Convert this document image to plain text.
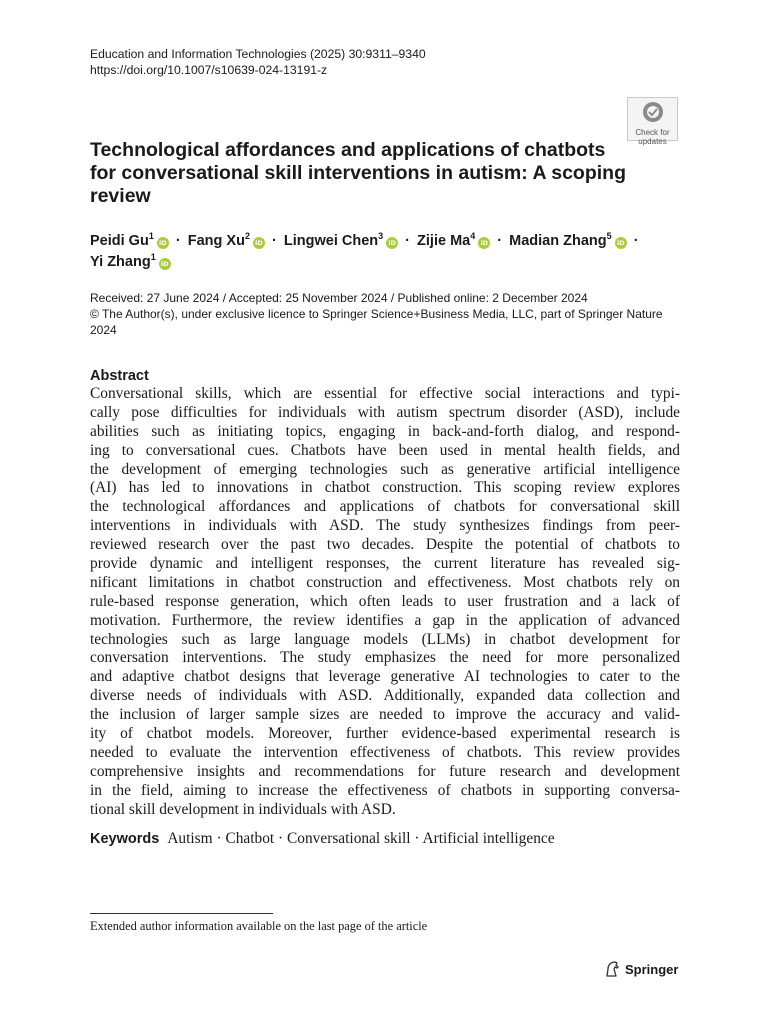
Education and Information Technologies (2025) 30:9311–9340
https://doi.org/10.1007/s10639-024-13191-z
Check for
updates
Technological affordances and applications of chatbots
for conversational skill interventions in autism: A scoping
review
Peidi $Gu^1iD$ · Fang $Xu^2iD$ · Lingwei Chen$^3$iD · Zijie $Ma^4iD$ · Madian Zhang$^5$iD ·
Yi Zhang$^1$iD
Received: 27 June 2024 / Accepted: 25 November 2024 / Published online: 2 December 2024
© The Author(s), under exclusive licence to Springer Science+Business Media, LLC, part of Springer Nature
2024
Abstract
Conversational skills, which are essential for effective social interactions and typi-
cally pose difficulties for individuals with autism spectrum disorder (ASD), include
abilities such as initiating topics, engaging in back-and-forth dialog, and respond-
ing to conversational cues. Chatbots have been used in mental health fields, and
the development of emerging technologies such as generative artificial intelligence
(AI) has led to innovations in chatbot construction. This scoping review explores
the technological affordances and applications of chatbots for conversational skill
interventions in individuals with ASD. The study synthesizes findings from peer-
reviewed research over the past two decades. Despite the potential of chatbots to
provide dynamic and intelligent responses, the current literature has revealed sig-
nificant limitations in chatbot construction and effectiveness. Most chatbots rely on
rule-based response generation, which often leads to user frustration and a lack of
motivation. Furthermore, the review identifies a gap in the application of advanced
technologies such as large language models (LLMs) in chatbot development for
conversation interventions. The study emphasizes the need for more personalized
and adaptive chatbot designs that leverage generative AI technologies to cater to the
diverse needs of individuals with ASD. Additionally, expanded data collection and
the inclusion of larger sample sizes are needed to improve the accuracy and valid-
ity of chatbot models. Moreover, further evidence-based experimental research is
needed to evaluate the intervention effectiveness of chatbots. This review provides
comprehensive insights and recommendations for future research and development
in the field, aiming to increase the effectiveness of chatbots in supporting conversa-
tional skill development in individuals with ASD.
Keywords Autism · Chatbot · Conversational skill · Artificial intelligence
Extended author information available on the last page of the article
Springer
